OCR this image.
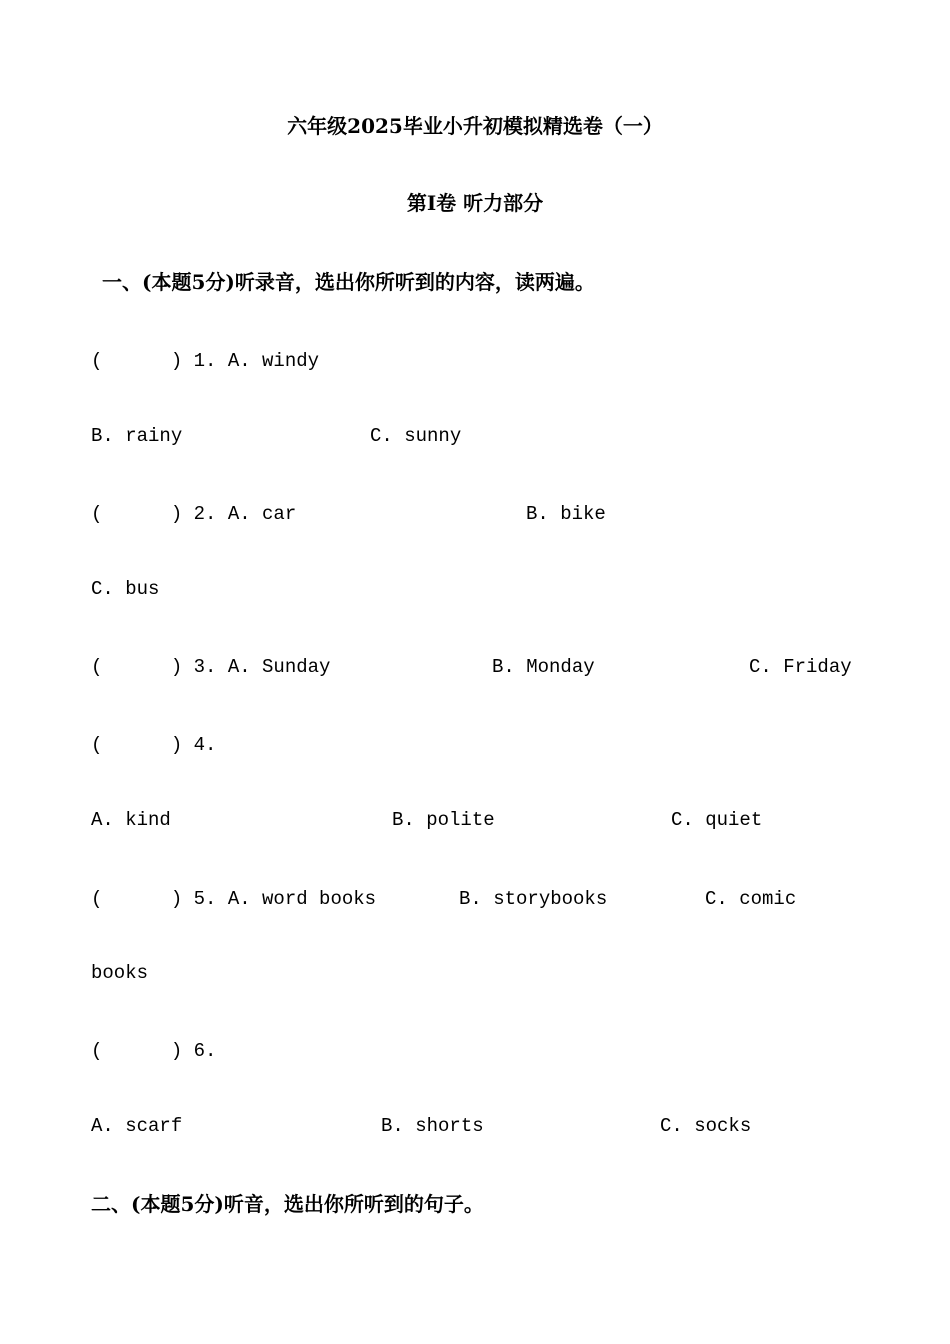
六年级2025毕业小升初模拟精选卷（一）
第Ⅰ卷 听力部分
一、(本题5分)听录音，选出你所听到的内容，读两遍。
(      ) 1. A. windy
B. rainy	C. sunny
(      ) 2. A. car	B. bike
C. bus
(      ) 3. A. Sunday	B. Monday	C. Friday
(      ) 4.
A. kind	B. polite	C. quiet
(      ) 5. A. word books	B. storybooks	C. comic
books
(      ) 6.
A. scarf	B. shorts	C. socks
二、(本题5分)听音，选出你所听到的句子。
